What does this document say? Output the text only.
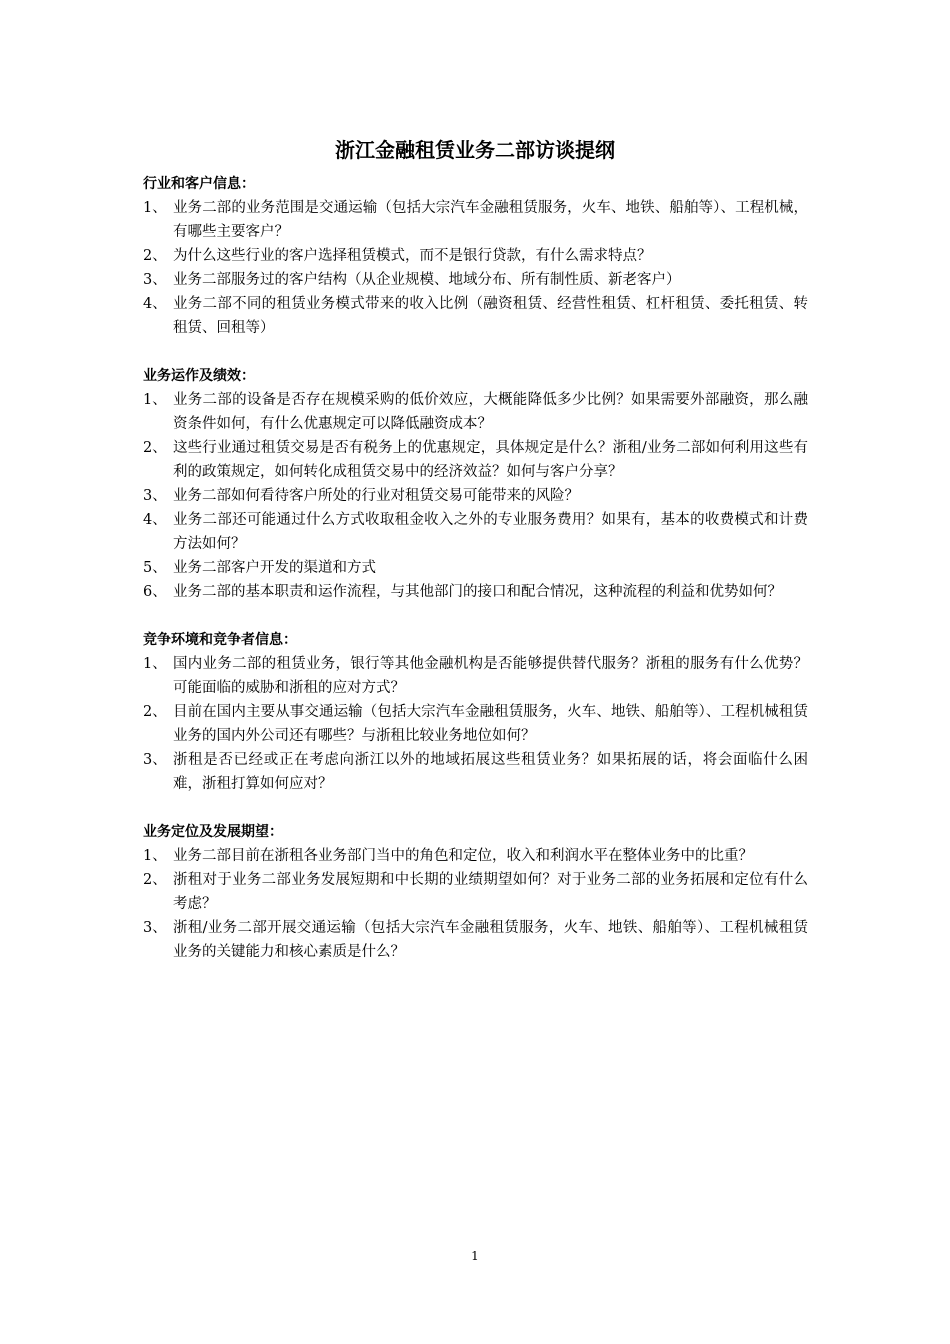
浙江金融租赁业务二部访谈提纲
行业和客户信息：
1、 业务二部的业务范围是交通运输（包括大宗汽车金融租赁服务，火车、地铁、船舶等）、工程机械，有哪些主要客户？
2、 为什么这些行业的客户选择租赁模式，而不是银行贷款，有什么需求特点？
3、 业务二部服务过的客户结构（从企业规模、地域分布、所有制性质、新老客户）
4、 业务二部不同的租赁业务模式带来的收入比例（融资租赁、经营性租赁、杠杆租赁、委托租赁、转租赁、回租等）
业务运作及绩效：
1、 业务二部的设备是否存在规模采购的低价效应，大概能降低多少比例？如果需要外部融资，那么融资条件如何，有什么优惠规定可以降低融资成本？
2、 这些行业通过租赁交易是否有税务上的优惠规定，具体规定是什么？浙租/业务二部如何利用这些有利的政策规定，如何转化成租赁交易中的经济效益？如何与客户分享？
3、 业务二部如何看待客户所处的行业对租赁交易可能带来的风险？
4、 业务二部还可能通过什么方式收取租金收入之外的专业服务费用？如果有，基本的收费模式和计费方法如何？
5、 业务二部客户开发的渠道和方式
6、 业务二部的基本职责和运作流程，与其他部门的接口和配合情况，这种流程的利益和优势如何？
竞争环境和竞争者信息：
1、 国内业务二部的租赁业务，银行等其他金融机构是否能够提供替代服务？浙租的服务有什么优势？可能面临的威胁和浙租的应对方式？
2、 目前在国内主要从事交通运输（包括大宗汽车金融租赁服务，火车、地铁、船舶等）、工程机械租赁业务的国内外公司还有哪些？与浙租比较业务地位如何？
3、 浙租是否已经或正在考虑向浙江以外的地域拓展这些租赁业务？如果拓展的话，将会面临什么困难，浙租打算如何应对？
业务定位及发展期望：
1、 业务二部目前在浙租各业务部门当中的角色和定位，收入和利润水平在整体业务中的比重？
2、 浙租对于业务二部业务发展短期和中长期的业绩期望如何？对于业务二部的业务拓展和定位有什么考虑？
3、 浙租/业务二部开展交通运输（包括大宗汽车金融租赁服务，火车、地铁、船舶等）、工程机械租赁业务的关键能力和核心素质是什么？
1
